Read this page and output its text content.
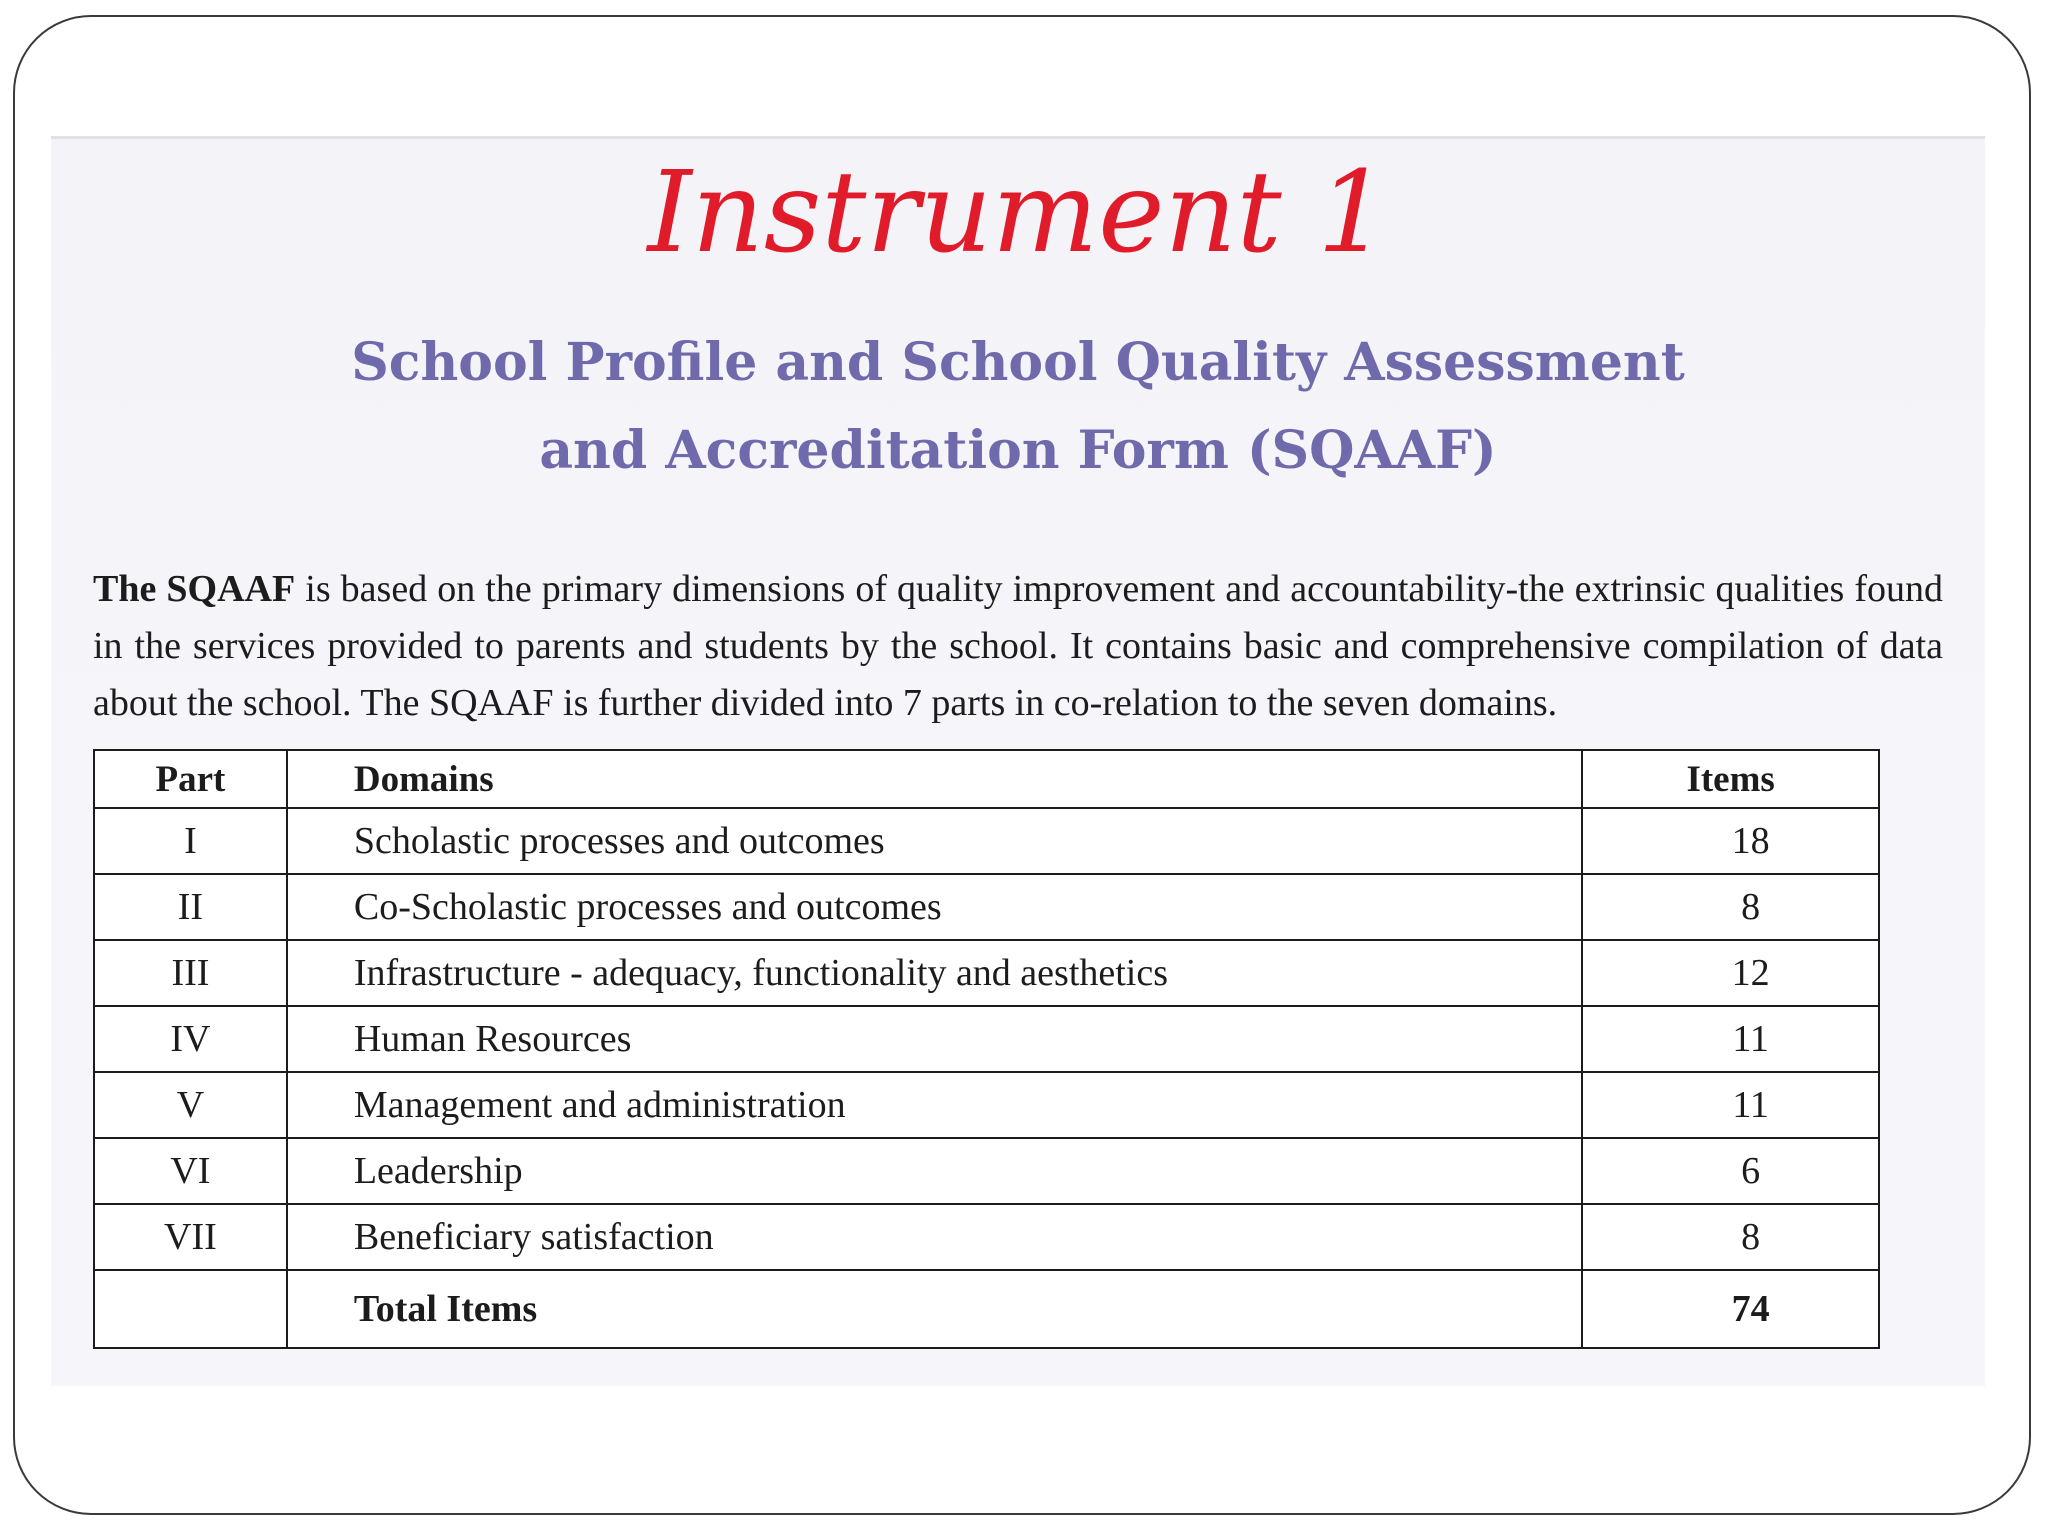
Instrument 1
School Profile and School Quality Assessment
and Accreditation Form (SQAAF)

The SQAAF is based on the primary dimensions of quality improvement and accountability-the extrinsic qualities found in the services provided to parents and students by the school. It contains basic and comprehensive compilation of data about the school. The SQAAF is further divided into 7 parts in co-relation to the seven domains.

Part	Domains	Items
I	Scholastic processes and outcomes	18
II	Co-Scholastic processes and outcomes	8
III	Infrastructure - adequacy, functionality and aesthetics	12
IV	Human Resources	11
V	Management and administration	11
VI	Leadership	6
VII	Beneficiary satisfaction	8
	Total Items	74
